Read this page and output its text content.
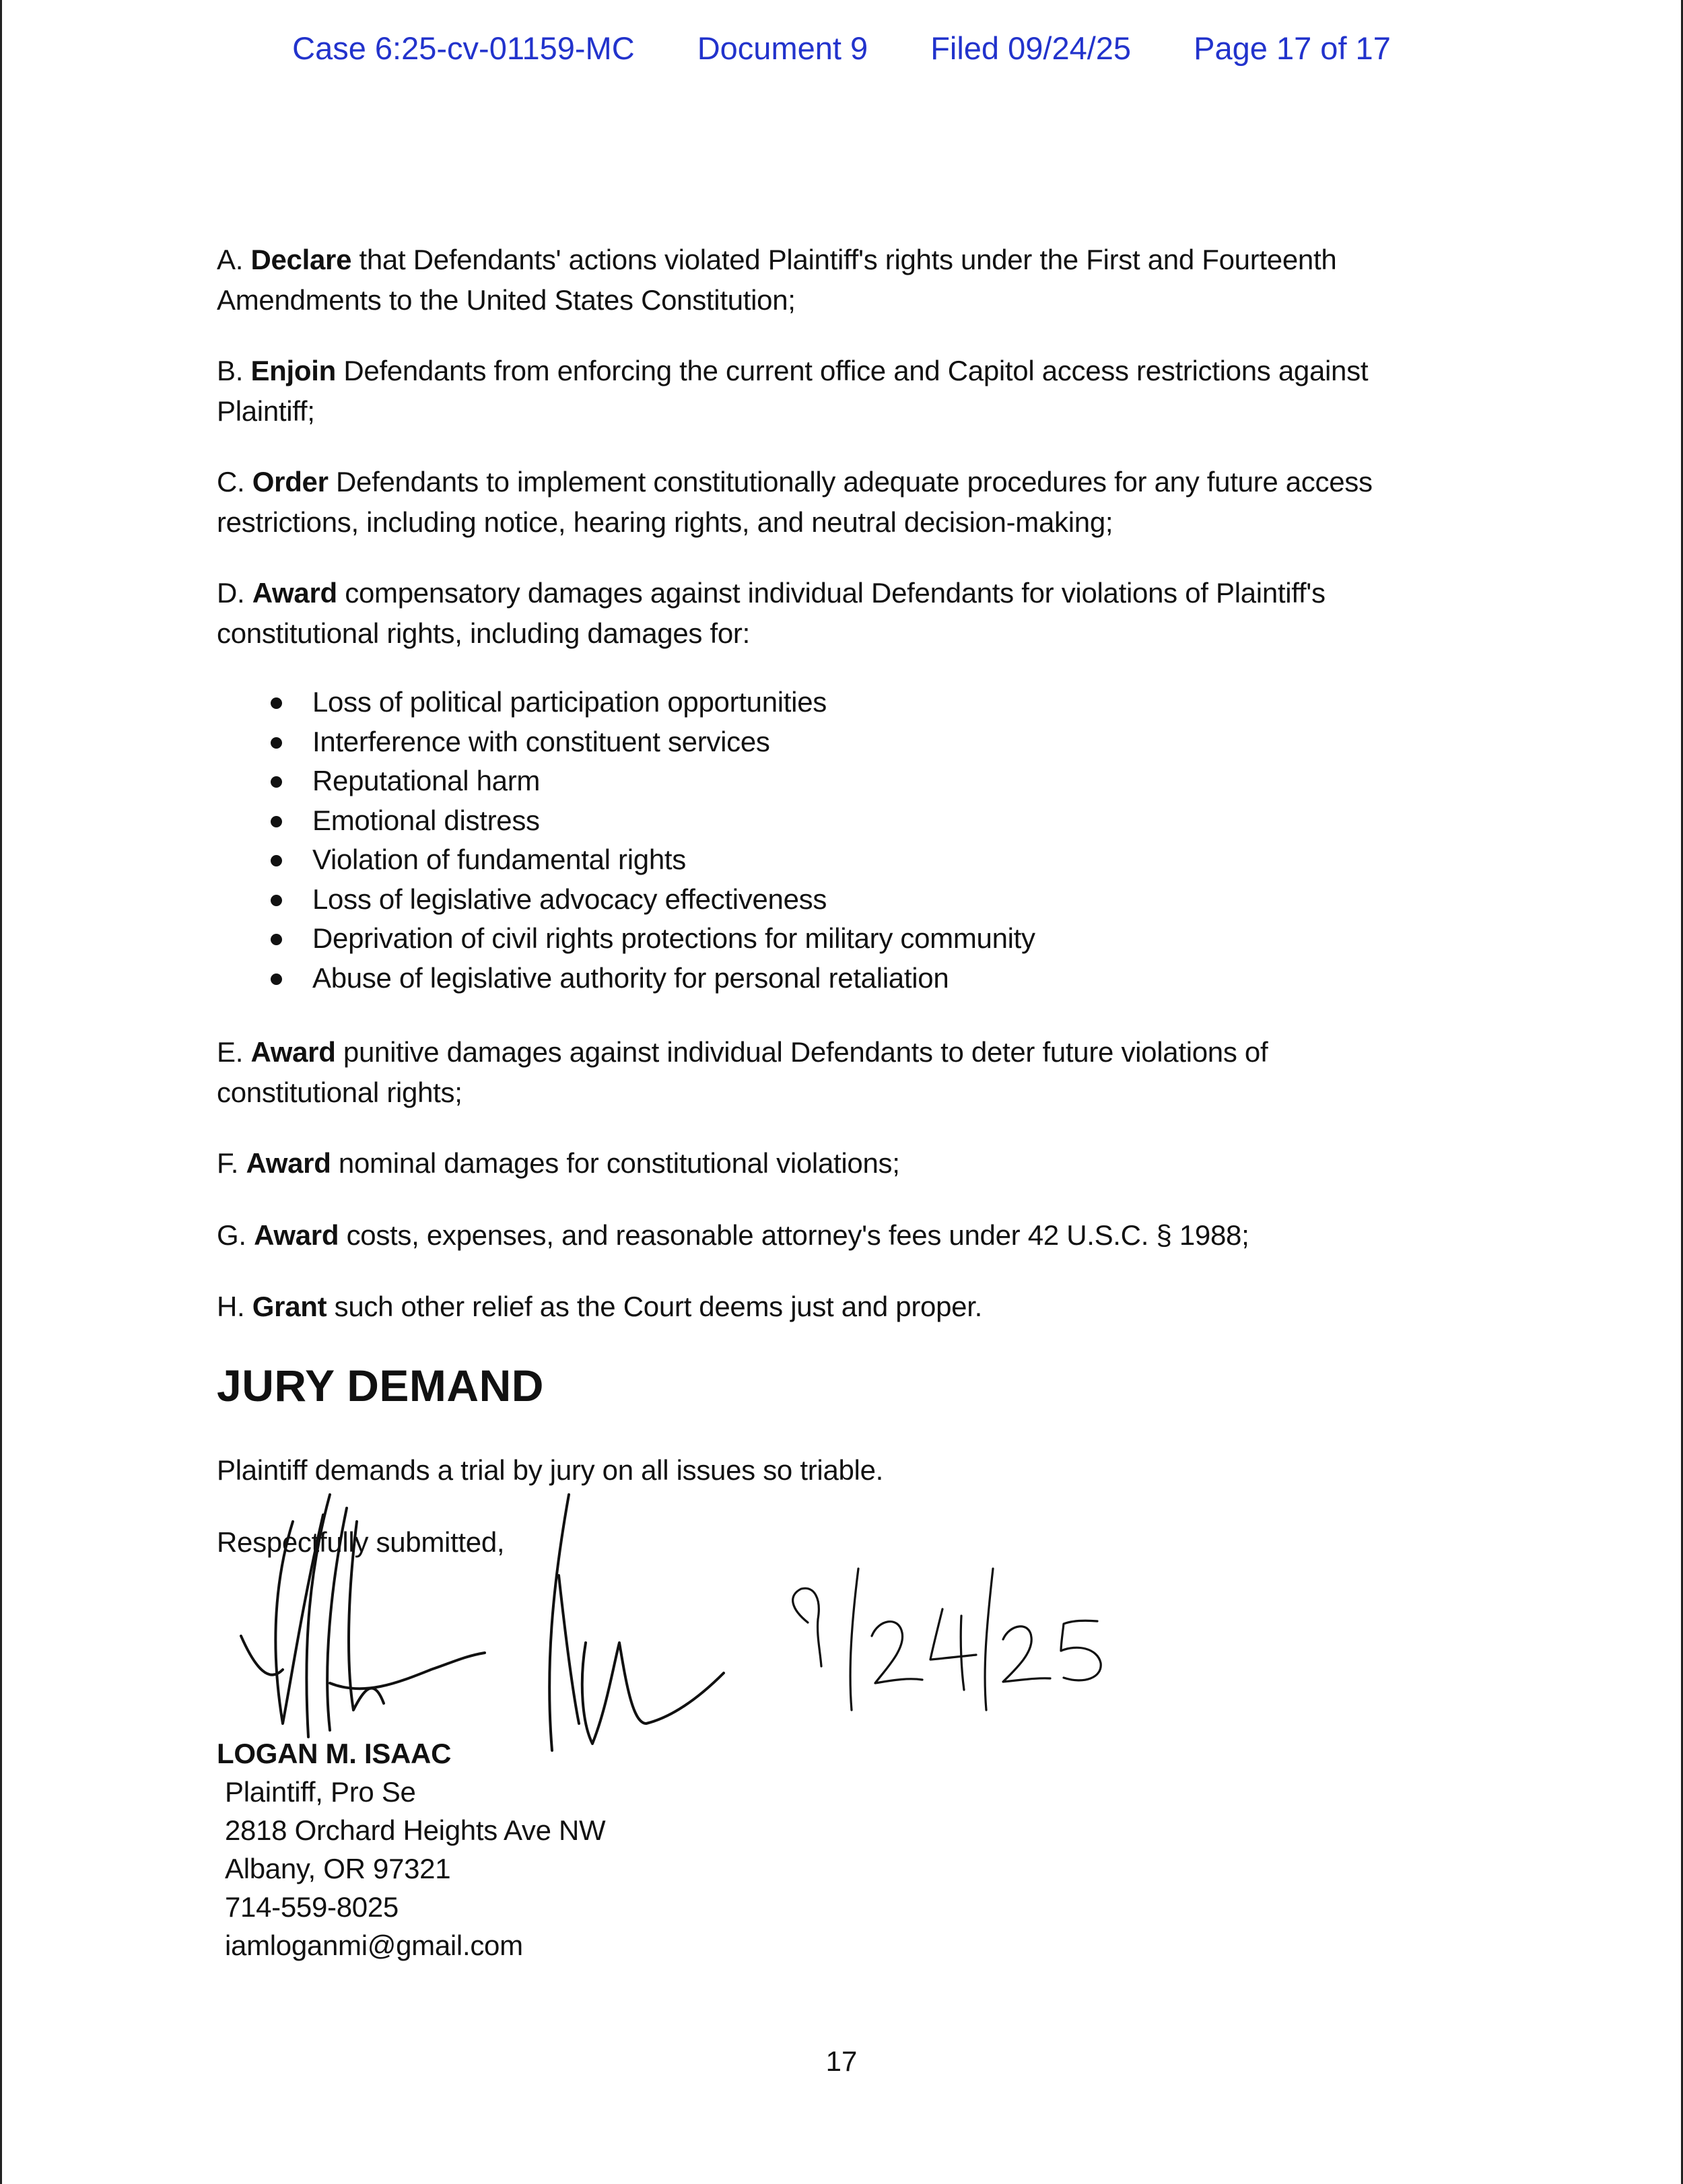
Case 6:25-cv-01159-MC Document 9 Filed 09/24/25 Page 17 of 17
A. Declare that Defendants' actions violated Plaintiff's rights under the First and Fourteenth
Amendments to the United States Constitution;
B. Enjoin Defendants from enforcing the current office and Capitol access restrictions against
Plaintiff;
C. Order Defendants to implement constitutionally adequate procedures for any future access
restrictions, including notice, hearing rights, and neutral decision-making;
D. Award compensatory damages against individual Defendants for violations of Plaintiff's
constitutional rights, including damages for:
Loss of political participation opportunities
Interference with constituent services
Reputational harm
Emotional distress
Violation of fundamental rights
Loss of legislative advocacy effectiveness
Deprivation of civil rights protections for military community
Abuse of legislative authority for personal retaliation
E. Award punitive damages against individual Defendants to deter future violations of
constitutional rights;
F. Award nominal damages for constitutional violations;
G. Award costs, expenses, and reasonable attorney's fees under 42 U.S.C. § 1988;
H. Grant such other relief as the Court deems just and proper.
JURY DEMAND
Plaintiff demands a trial by jury on all issues so triable.
Respectfully submitted,
9/24/25
LOGAN M. ISAAC
Plaintiff, Pro Se
2818 Orchard Heights Ave NW
Albany, OR 97321
714-559-8025
iamloganmi@gmail.com
17
